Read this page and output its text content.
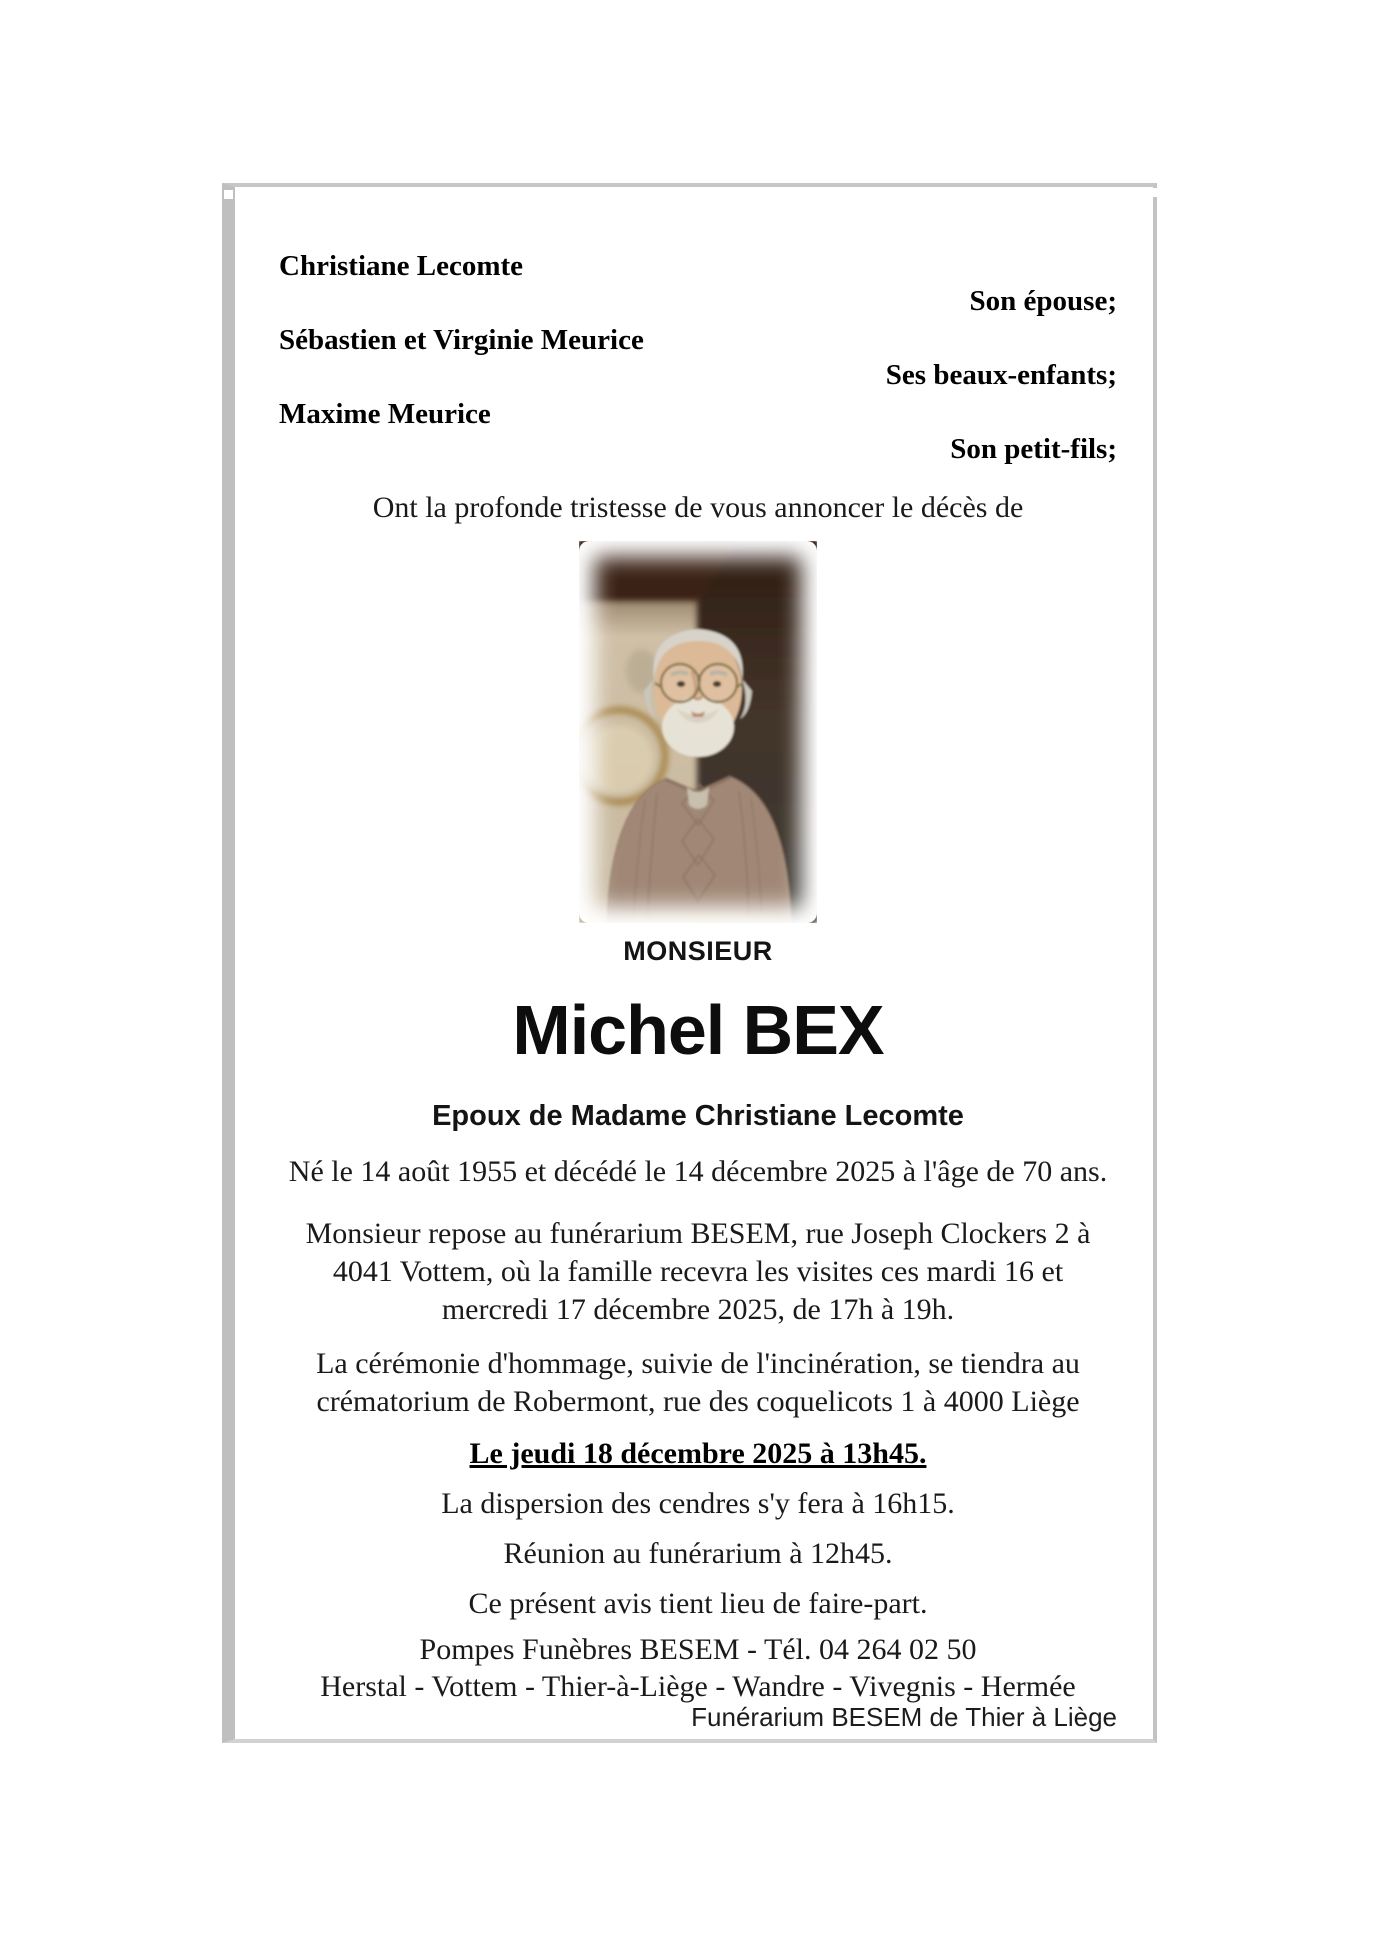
Christiane Lecomte
Son épouse;
Sébastien et Virginie Meurice
Ses beaux-enfants;
Maxime Meurice
Son petit-fils;
Ont la profonde tristesse de vous annoncer le décès de
MONSIEUR
Michel BEX
Epoux de Madame Christiane Lecomte

Né le 14 août 1955 et décédé le 14 décembre 2025 à l'âge de 70 ans.

Monsieur repose au funérarium BESEM, rue Joseph Clockers 2 à 4041 Vottem, où la famille recevra les visites ces mardi 16 et mercredi 17 décembre 2025, de 17h à 19h.

La cérémonie d'hommage, suivie de l'incinération, se tiendra au crématorium de Robermont, rue des coquelicots 1 à 4000 Liège

Le jeudi 18 décembre 2025 à 13h45.

La dispersion des cendres s'y fera à 16h15.

Réunion au funérarium à 12h45.

Ce présent avis tient lieu de faire-part.

Pompes Funèbres BESEM - Tél. 04 264 02 50

Herstal - Vottem - Thier-à-Liège - Wandre - Vivegnis - Hermée

Funérarium BESEM de Thier à Liège
